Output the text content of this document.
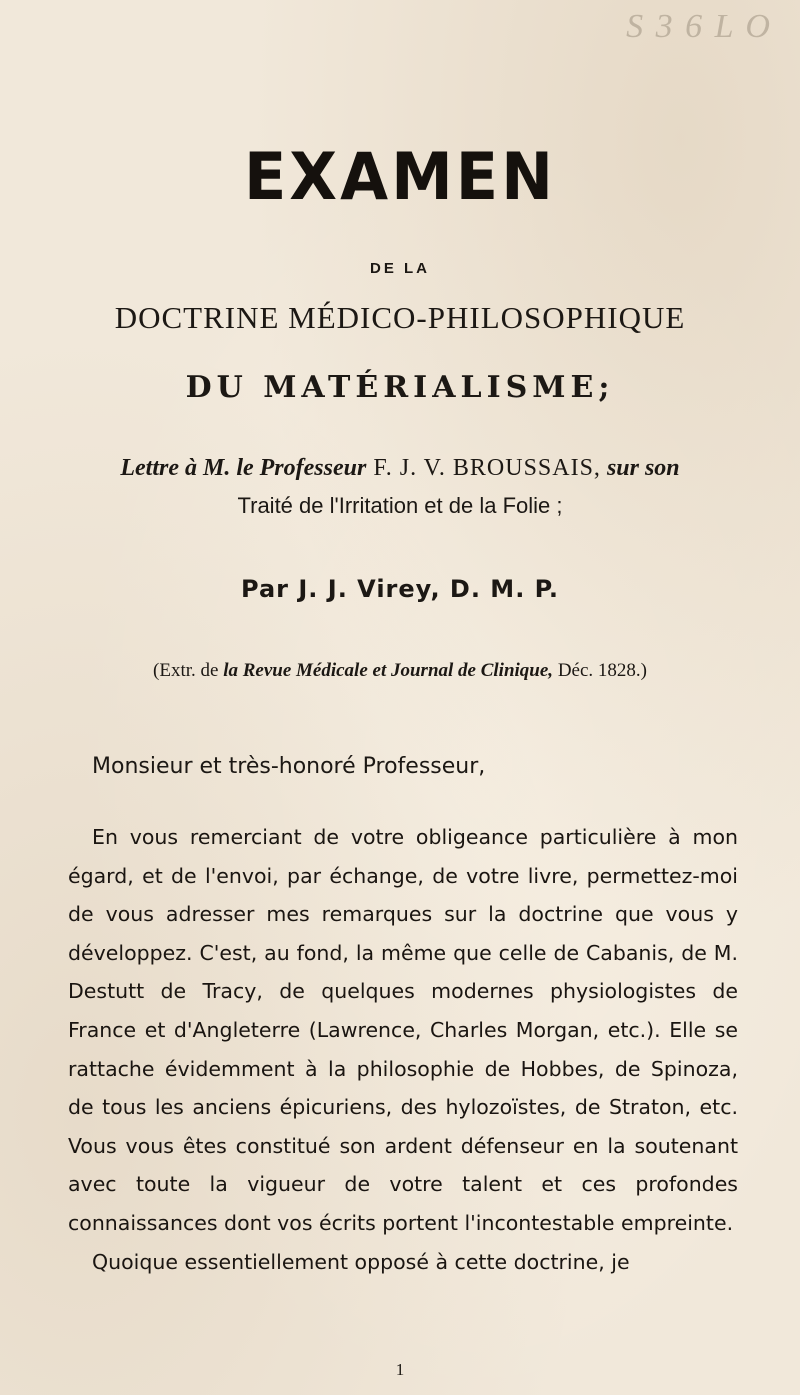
S 3 6 L O
EXAMEN
DE LA
DOCTRINE MÉDICO-PHILOSOPHIQUE
DU MATÉRIALISME;
Lettre à M. le Professeur F. J. V. BROUSSAIS, sur son
Traité de l'Irritation et de la Folie ;
Par J. J. Virey, D. M. P.
(Extr. de la Revue Médicale et Journal de Clinique, Déc. 1828.)
Monsieur et très-honoré Professeur,

En vous remerciant de votre obligeance particulière à mon égard, et de l'envoi, par échange, de votre livre, permettez-moi de vous adresser mes remarques sur la doctrine que vous y développez. C'est, au fond, la même que celle de Cabanis, de M. Destutt de Tracy, de quelques modernes physiologistes de France et d'Angleterre (Lawrence, Charles Morgan, etc.). Elle se rattache évidemment à la philosophie de Hobbes, de Spinoza, de tous les anciens épicuriens, des hylozoïstes, de Straton, etc. Vous vous êtes constitué son ardent défenseur en la soutenant avec toute la vigueur de votre talent et ces profondes connaissances dont vos écrits portent l'incontestable empreinte.

Quoique essentiellement opposé à cette doctrine, je

1
